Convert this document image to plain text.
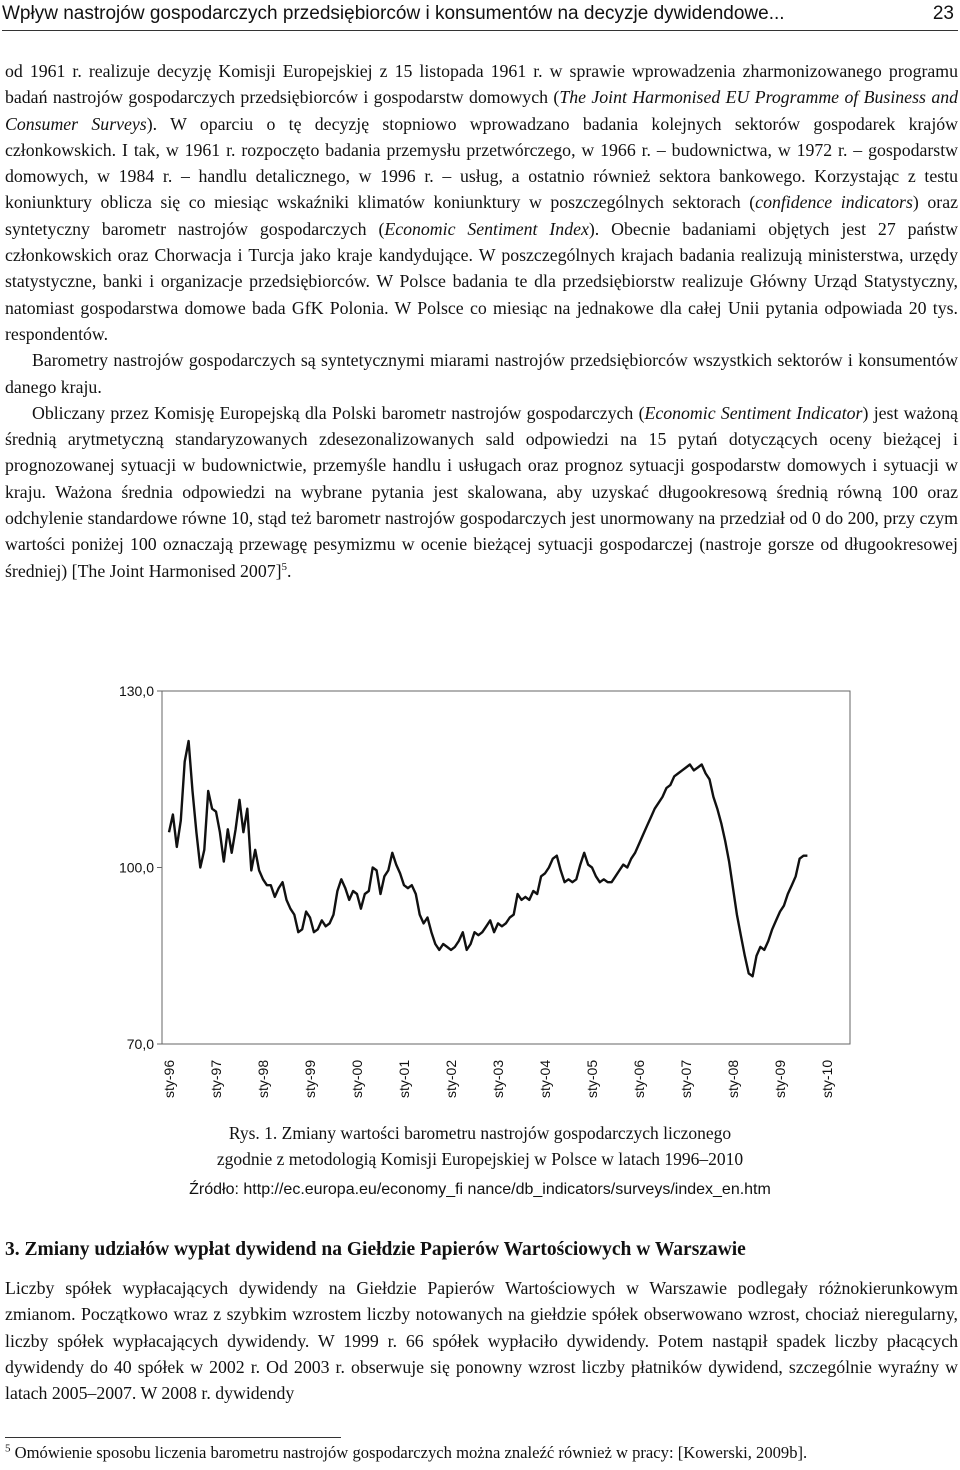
Wpływ nastrojów gospodarczych przedsiębiorców i konsumentów na decyzje dywidendowe...	23

od 1961 r. realizuje decyzję Komisji Europejskiej z 15 listopada 1961 r. w sprawie wprowadzenia zharmonizowanego programu badań nastrojów gospodarczych przedsiębiorców i gospodarstw domowych (The Joint Harmonised EU Programme of Business and Consumer Surveys). W oparciu o tę decyzję stopniowo wprowadzano badania kolejnych sektorów gospodarek krajów członkowskich. I tak, w 1961 r. rozpoczęto badania przemysłu przetwórczego, w 1966 r. – budownictwa, w 1972 r. – gospodarstw domowych, w 1984 r. – handlu detalicznego, w 1996 r. – usług, a ostatnio również sektora bankowego. Korzystając z testu koniunktury oblicza się co miesiąc wskaźniki klimatów koniunktury w poszczególnych sektorach (confidence indicators) oraz syntetyczny barometr nastrojów gospodarczych (Economic Sentiment Index). Obecnie badaniami objętych jest 27 państw członkowskich oraz Chorwacja i Turcja jako kraje kandydujące. W poszczególnych krajach badania realizują ministerstwa, urzędy statystyczne, banki i organizacje przedsiębiorców. W Polsce badania te dla przedsiębiorstw realizuje Główny Urząd Statystyczny, natomiast gospodarstwa domowe bada GfK Polonia. W Polsce co miesiąc na jednakowe dla całej Unii pytania odpowiada 20 tys. respondentów.

Barometry nastrojów gospodarczych są syntetycznymi miarami nastrojów przedsiębiorców wszystkich sektorów i konsumentów danego kraju.

Obliczany przez Komisję Europejską dla Polski barometr nastrojów gospodarczych (Economic Sentiment Indicator) jest ważoną średnią arytmetyczną standaryzowanych zdesezonalizowanych sald odpowiedzi na 15 pytań dotyczących oceny bieżącej i prognozowanej sytuacji w budownictwie, przemyśle handlu i usługach oraz prognoz sytuacji gospodarstw domowych i sytuacji w kraju. Ważona średnia odpowiedzi na wybrane pytania jest skalowana, aby uzyskać długookresową średnią równą 100 oraz odchylenie standardowe równe 10, stąd też barometr nastrojów gospodarczych jest unormowany na przedział od 0 do 200, przy czym wartości poniżej 100 oznaczają przewagę pesymizmu w ocenie bieżącej sytuacji gospodarczej (nastroje gorsze od długookresowej średniej) [The Joint Harmonised 2007]$^5$.

130,0
100,0
70,0
sty-96 sty-97 sty-98 sty-99 sty-00 sty-01 sty-02 sty-03 sty-04 sty-05 sty-06 sty-07 sty-08 sty-09 sty-10
Rys. 1. Zmiany wartości barometru nastrojów gospodarczych liczonego
zgodnie z metodologią Komisji Europejskiej w Polsce w latach 1996–2010
Źródło: http://ec.europa.eu/economy_fi nance/db_indicators/surveys/index_en.htm
3. Zmiany udziałów wypłat dywidend na Giełdzie Papierów Wartościowych w Warszawie

Liczby spółek wypłacających dywidendy na Giełdzie Papierów Wartościowych w Warszawie podlegały różnokierunkowym zmianom. Początkowo wraz z szybkim wzrostem liczby notowanych na giełdzie spółek obserwowano wzrost, chociaż nieregularny, liczby spółek wypłacających dywidendy. W 1999 r. 66 spółek wypłaciło dywidendy. Potem nastąpił spadek liczby płacących dywidendy do 40 spółek w 2002 r. Od 2003 r. obserwuje się ponowny wzrost liczby płatników dywidend, szczególnie wyraźny w latach 2005–2007. W 2008 r. dywidendy

$^5$ Omówienie sposobu liczenia barometru nastrojów gospodarczych można znaleźć również w pracy: [Kowerski, 2009b].
